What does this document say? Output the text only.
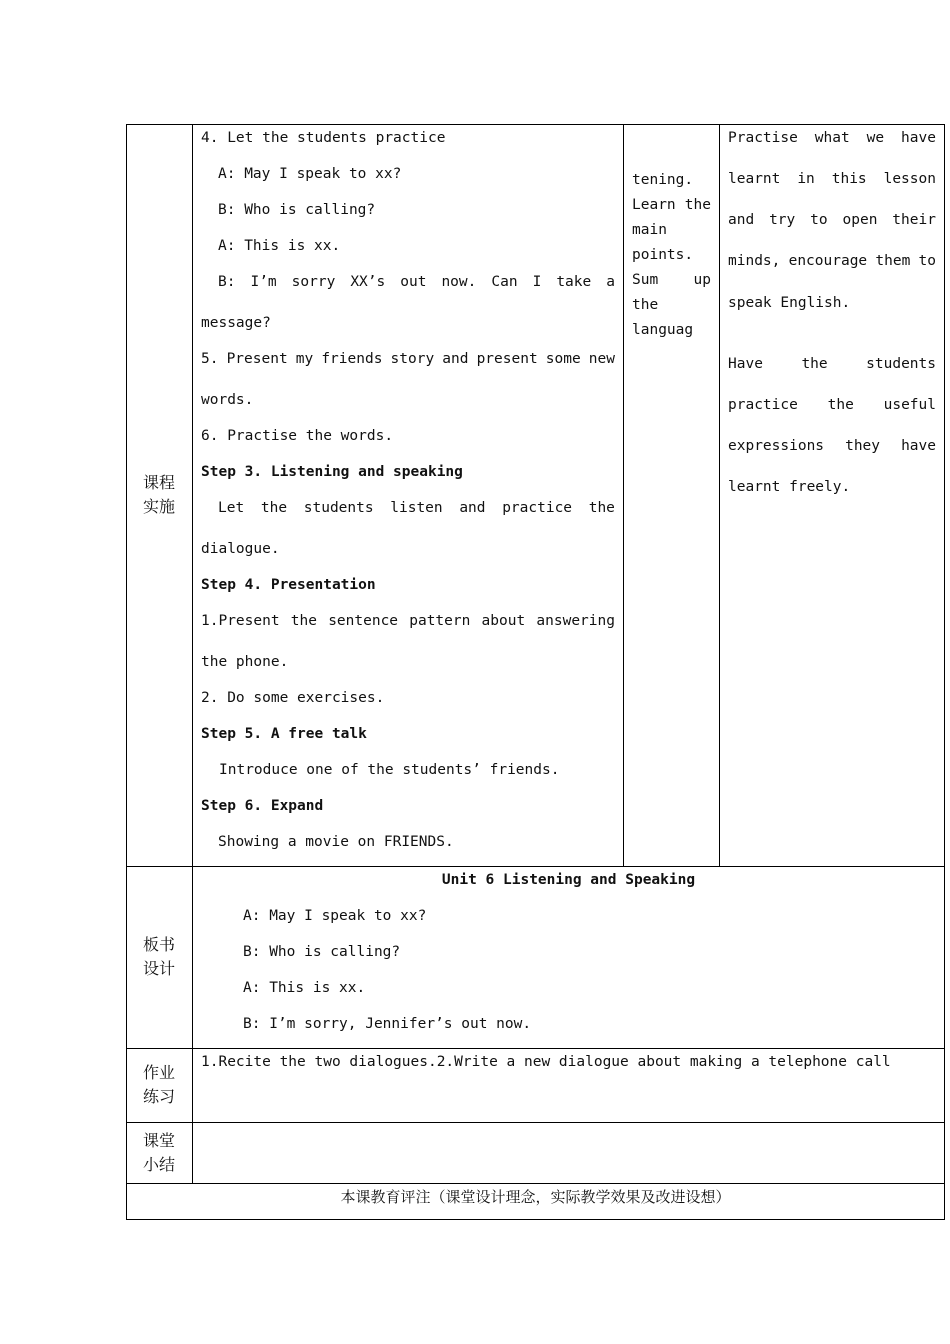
课程
实施
板书
设计
作业
练习
课堂
小结
4. Let the students practice
A: May I speak to xx?
B: Who is calling?
A: This is xx.
B: I’m sorry XX’s out now. Can I take a
message?
5. Present my friends story and present some new
words.
6. Practise the words.
Step 3. Listening and speaking
Let the students listen and practice the
dialogue.
Step 4. Presentation
1.Present the sentence pattern about answering
the phone.
2. Do some exercises.
Step 5. A free talk
Introduce one of the students’ friends.
Step 6. Expand
Showing a movie on FRIENDS.
tening.
Learn the
main
points.
Sum up
the
languag
Practise what we have
learnt in this lesson
and try to open their
minds, encourage them to
speak English.
Have	the	students
practice the useful
expressions they have
learnt freely.
Unit 6 Listening and Speaking
A: May I speak to xx?
B: Who is calling?
A: This is xx.
B: I’m sorry, Jennifer’s out now.
1.Recite the two dialogues.2.Write a new dialogue about making a telephone call
本课教育评注（课堂设计理念，实际教学效果及改进设想）
